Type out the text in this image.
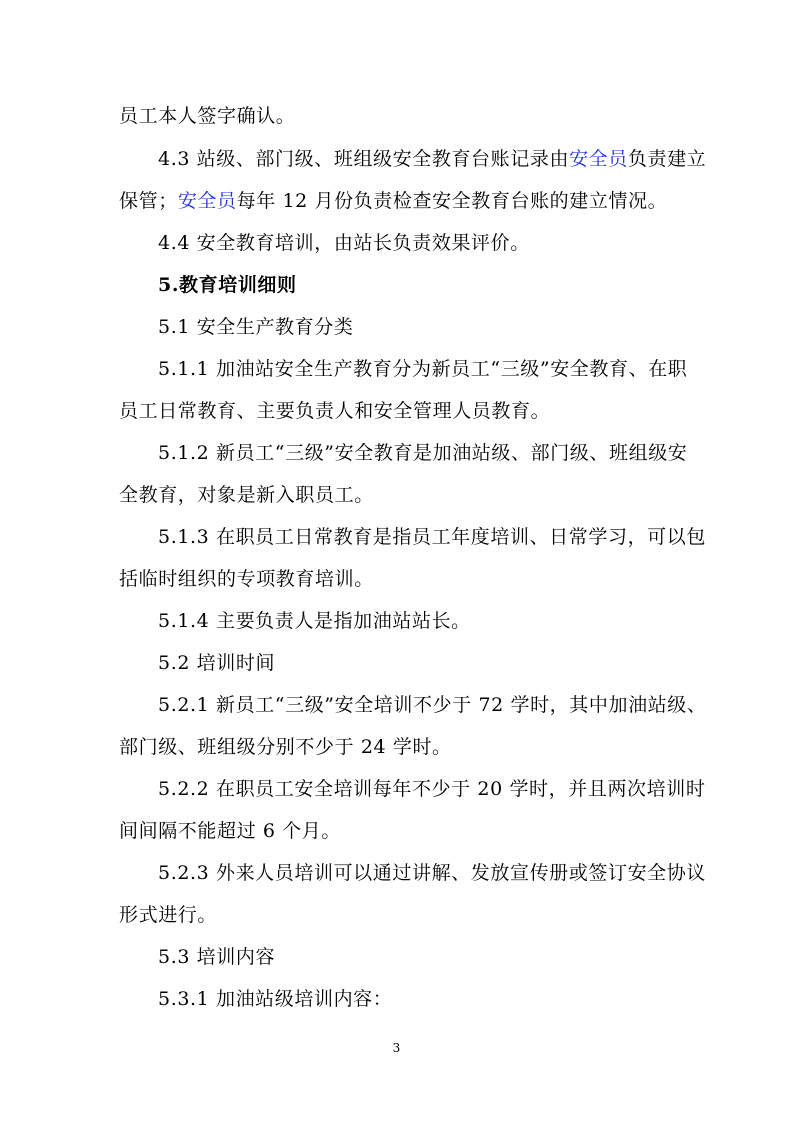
员工本人签字确认。
4.3 站级、部门级、班组级安全教育台账记录由安全员负责建立
保管；安全员每年 12 月份负责检查安全教育台账的建立情况。
4.4 安全教育培训，由站长负责效果评价。
5.教育培训细则
5.1 安全生产教育分类
5.1.1 加油站安全生产教育分为新员工“三级”安全教育、在职
员工日常教育、主要负责人和安全管理人员教育。
5.1.2 新员工“三级”安全教育是加油站级、部门级、班组级安
全教育，对象是新入职员工。
5.1.3 在职员工日常教育是指员工年度培训、日常学习，可以包
括临时组织的专项教育培训。
5.1.4 主要负责人是指加油站站长。
5.2 培训时间
5.2.1 新员工“三级”安全培训不少于 72 学时，其中加油站级、
部门级、班组级分别不少于 24 学时。
5.2.2 在职员工安全培训每年不少于 20 学时，并且两次培训时
间间隔不能超过 6 个月。
5.2.3 外来人员培训可以通过讲解、发放宣传册或签订安全协议
形式进行。
5.3 培训内容
5.3.1 加油站级培训内容：
3
